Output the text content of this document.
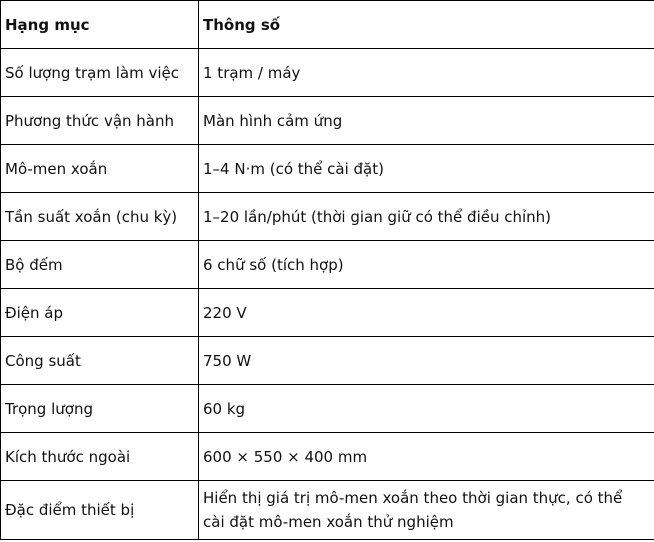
Hạng mục	Thông số
Số lượng trạm làm việc	1 trạm / máy
Phương thức vận hành	Màn hình cảm ứng
Mô-men xoắn	1–4 N·m (có thể cài đặt)
Tần suất xoắn (chu kỳ)	1–20 lần/phút (thời gian giữ có thể điều chỉnh)
Bộ đếm	6 chữ số (tích hợp)
Điện áp	220 V
Công suất	750 W
Trọng lượng	60 kg
Kích thước ngoài	600 × 550 × 400 mm
Đặc điểm thiết bị	Hiển thị giá trị mô-men xoắn theo thời gian thực, có thể cài đặt mô-men xoắn thử nghiệm
